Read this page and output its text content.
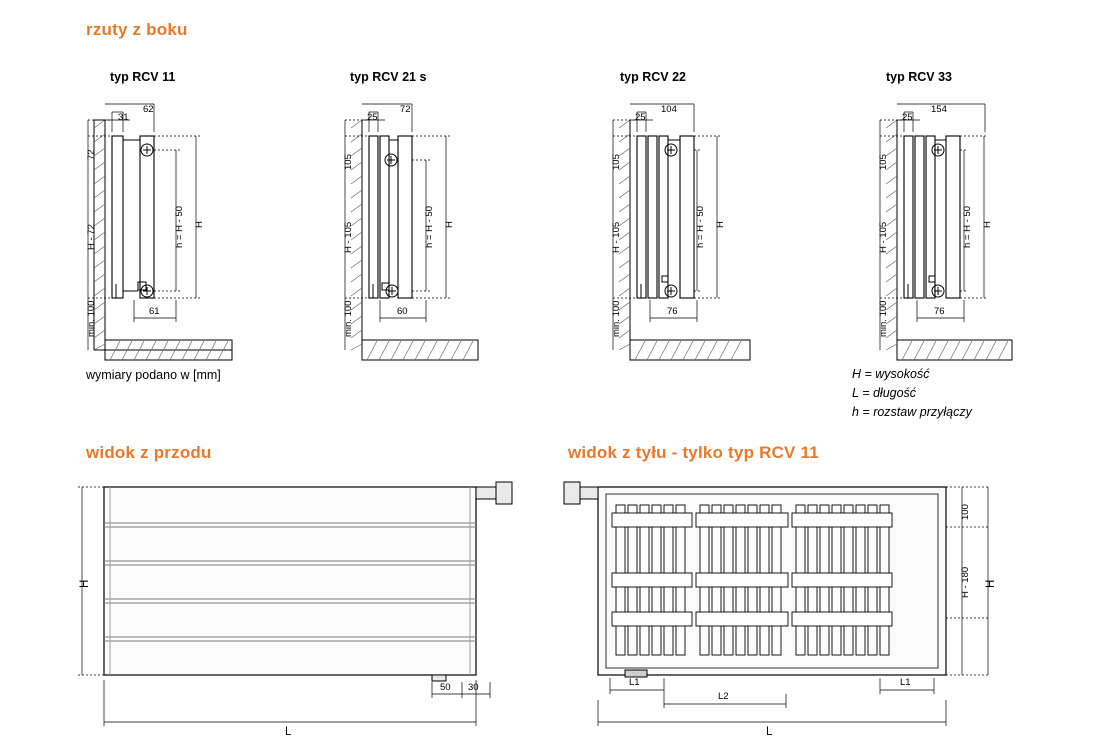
rzuty z boku
widok z przodu	widok z tyłu - tylko typ RCV 11
typ RCV 11	typ RCV 21 s	typ RCV 22	typ RCV 33
wymiary podano w [mm]	H = wysokość
L = długość
h = rozstaw przyłączy
31
62
72
H - 72
min. 100
h = H - 50 H
61
25
72
105
H - 105
min. 100
h = H - 50 H
60
25
104
105
H - 105
min. 100
h = H - 50 H
76
25
154
105
H - 105
min. 100
h = H - 50 H
76
H
L
50 30
100
H - 180 H
L1
L2
L1
L
